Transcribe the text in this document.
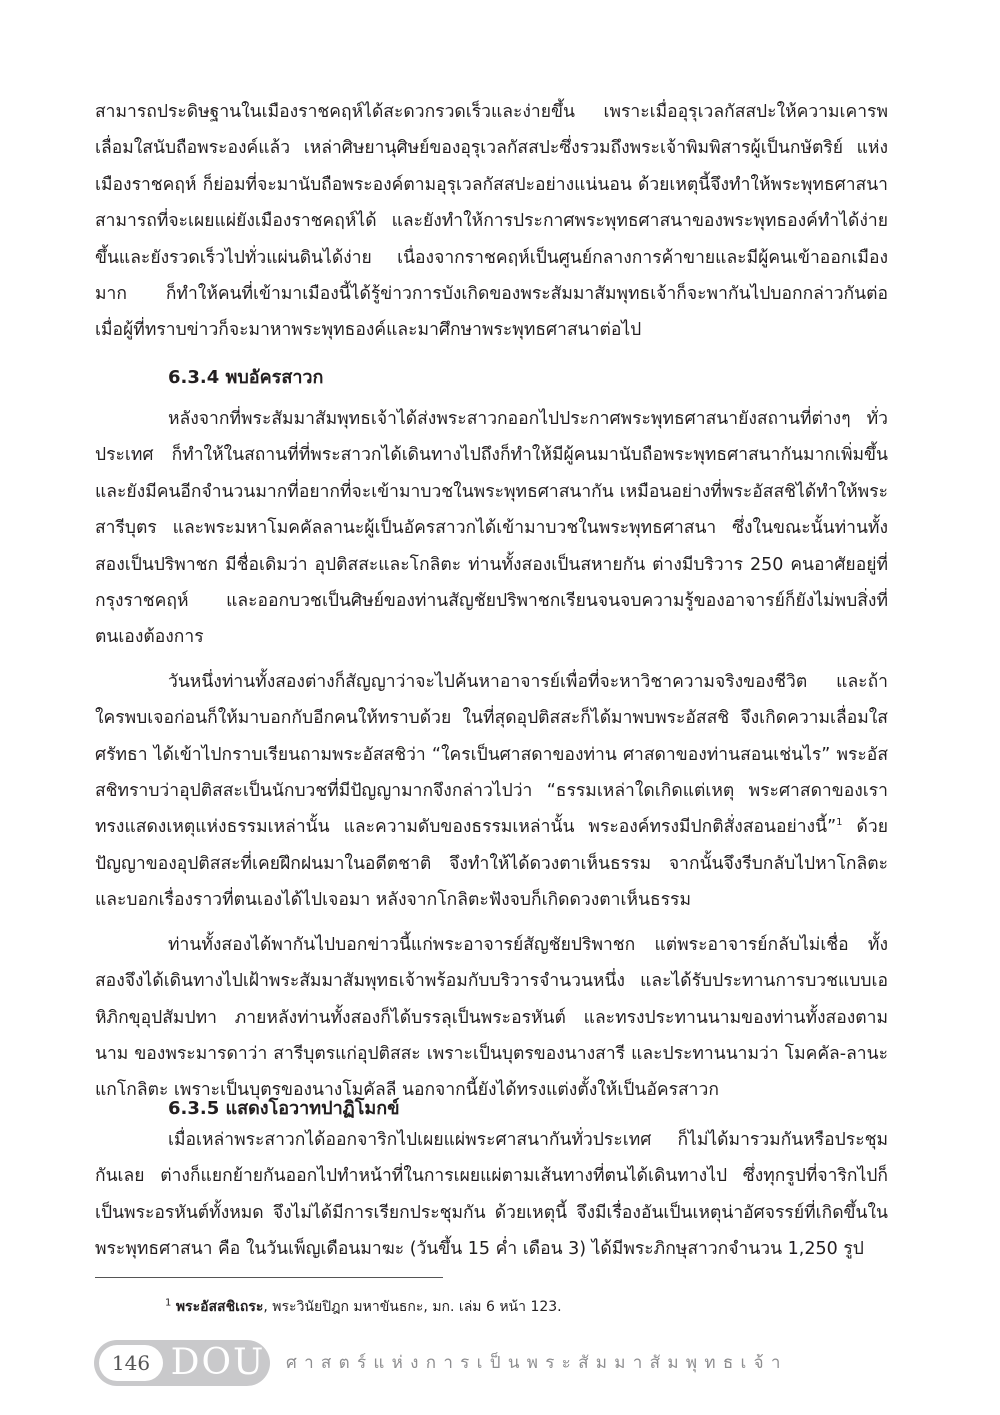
สามารถประดิษฐานในเมืองราชคฤห์ได้สะดวกรวดเร็วและง่ายขึ้น เพราะเมื่ออุรุเวลกัสสปะให้ความเคารพ เลื่อมใสนับถือพระองค์แล้ว เหล่าศิษยานุศิษย์ของอุรุเวลกัสสปะซึ่งรวมถึงพระเจ้าพิมพิสารผู้เป็นกษัตริย์ แห่งเมืองราชคฤห์ ก็ย่อมที่จะมานับถือพระองค์ตามอุรุเวลกัสสปะอย่างแน่นอน ด้วยเหตุนี้จึงทำให้พระพุทธศาสนาสามารถที่จะเผยแผ่ยังเมืองราชคฤห์ได้ และยังทำให้การประกาศพระพุทธศาสนาของพระพุทธองค์ทำได้ง่ายขึ้นและยังรวดเร็วไปทั่วแผ่นดินได้ง่าย เนื่องจากราชคฤห์เป็นศูนย์กลางการค้าขายและมีผู้คนเข้าออกเมืองมาก ก็ทำให้คนที่เข้ามาเมืองนี้ได้รู้ข่าวการบังเกิดของพระสัมมาสัมพุทธเจ้าก็จะพากันไปบอกกล่าวกันต่อ เมื่อผู้ที่ทราบข่าวก็จะมาหาพระพุทธองค์และมาศึกษาพระพุทธศาสนาต่อไป

6.3.4 พบอัครสาวก

หลังจากที่พระสัมมาสัมพุทธเจ้าได้ส่งพระสาวกออกไปประกาศพระพุทธศาสนายังสถานที่ต่างๆ ทั่วประเทศ ก็ทำให้ในสถานที่ที่พระสาวกได้เดินทางไปถึงก็ทำให้มีผู้คนมานับถือพระพุทธศาสนากันมากเพิ่มขึ้น และยังมีคนอีกจำนวนมากที่อยากที่จะเข้ามาบวชในพระพุทธศาสนากัน เหมือนอย่างที่พระอัสสชิได้ทำให้พระสารีบุตร และพระมหาโมคคัลลานะผู้เป็นอัครสาวกได้เข้ามาบวชในพระพุทธศาสนา ซึ่งในขณะนั้นท่านทั้งสองเป็นปริพาชก มีชื่อเดิมว่า อุปติสสะและโกลิตะ ท่านทั้งสองเป็นสหายกัน ต่างมีบริวาร 250 คนอาศัยอยู่ที่กรุงราชคฤห์ และออกบวชเป็นศิษย์ของท่านสัญชัยปริพาชกเรียนจนจบความรู้ของอาจารย์ก็ยังไม่พบสิ่งที่ตนเองต้องการ

วันหนึ่งท่านทั้งสองต่างก็สัญญาว่าจะไปค้นหาอาจารย์เพื่อที่จะหาวิชาความจริงของชีวิต และถ้าใครพบเจอก่อนก็ให้มาบอกกับอีกคนให้ทราบด้วย ในที่สุดอุปติสสะก็ได้มาพบพระอัสสชิ จึงเกิดความเลื่อมใสศรัทธา ได้เข้าไปกราบเรียนถามพระอัสสชิว่า “ใครเป็นศาสดาของท่าน ศาสดาของท่านสอนเช่นไร” พระอัสสชิทราบว่าอุปติสสะเป็นนักบวชที่มีปัญญามากจึงกล่าวไปว่า “ธรรมเหล่าใดเกิดแต่เหตุ พระศาสดาของเราทรงแสดงเหตุแห่งธรรมเหล่านั้น และความดับของธรรมเหล่านั้น พระองค์ทรงมีปกติสั่งสอนอย่างนี้”$^1$ ด้วยปัญญาของอุปติสสะที่เคยฝึกฝนมาในอดีตชาติ จึงทำให้ได้ดวงตาเห็นธรรม จากนั้นจึงรีบกลับไปหาโกลิตะและบอกเรื่องราวที่ตนเองได้ไปเจอมา หลังจากโกลิตะฟังจบก็เกิดดวงตาเห็นธรรม

ท่านทั้งสองได้พากันไปบอกข่าวนี้แก่พระอาจารย์สัญชัยปริพาชก แต่พระอาจารย์กลับไม่เชื่อ ทั้งสองจึงได้เดินทางไปเฝ้าพระสัมมาสัมพุทธเจ้าพร้อมกับบริวารจำนวนหนึ่ง และได้รับประทานการบวชแบบเอหิภิกขุอุปสัมปทา ภายหลังท่านทั้งสองก็ได้บรรลุเป็นพระอรหันต์ และทรงประทานนามของท่านทั้งสองตามนาม ของพระมารดาว่า สารีบุตรแก่อุปติสสะ เพราะเป็นบุตรของนางสารี และประทานนามว่า โมคคัล-ลานะ แกโกลิตะ เพราะเป็นบุตรของนางโมคัลลี นอกจากนี้ยังได้ทรงแต่งตั้งให้เป็นอัครสาวก

6.3.5 แสดงโอวาทปาฏิโมกข์

เมื่อเหล่าพระสาวกได้ออกจาริกไปเผยแผ่พระศาสนากันทั่วประเทศ ก็ไม่ได้มารวมกันหรือประชุมกันเลย ต่างก็แยกย้ายกันออกไปทำหน้าที่ในการเผยแผ่ตามเส้นทางที่ตนได้เดินทางไป ซึ่งทุกรูปที่จาริกไปก็เป็นพระอรหันต์ทั้งหมด จึงไม่ได้มีการเรียกประชุมกัน ด้วยเหตุนี้ จึงมีเรื่องอันเป็นเหตุน่าอัศจรรย์ที่เกิดขึ้นในพระพุทธศาสนา คือ ในวันเพ็ญเดือนมาฆะ (วันขึ้น 15 ค่ำ เดือน 3) ได้มีพระภิกษุสาวกจำนวน 1,250 รูป

$^1$ พระอัสสชิเถระ, พระวินัยปิฎก มหาขันธกะ, มก. เล่ม 6 หน้า 123.

146 DOU ศาสตร์แห่งการเป็นพระสัมมาสัมพุทธเจ้า
